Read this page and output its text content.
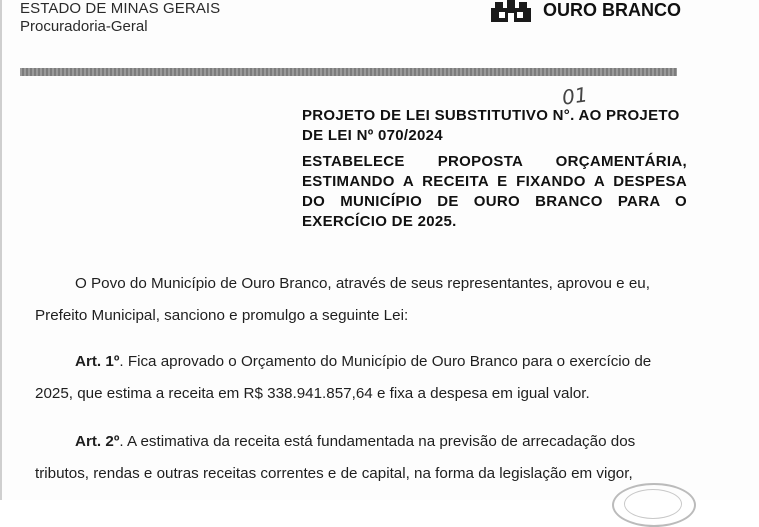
ESTADO DE MINAS GERAIS
Procuradoria-Geral
OURO BRANCO
01
PROJETO DE LEI SUBSTITUTIVO N°. AO PROJETO
DE LEI Nº 070/2024
ESTABELECE PROPOSTA ORÇAMENTÁRIA, ESTIMANDO A RECEITA E FIXANDO A DESPESA DO MUNICÍPIO DE OURO BRANCO PARA O EXERCÍCIO DE 2025.
O Povo do Município de Ouro Branco, através de seus representantes, aprovou e eu,
Prefeito Municipal, sanciono e promulgo a seguinte Lei:
Art. 1º. Fica aprovado o Orçamento do Município de Ouro Branco para o exercício de
2025, que estima a receita em R$ 338.941.857,64 e fixa a despesa em igual valor.
Art. 2º. A estimativa da receita está fundamentada na previsão de arrecadação dos
tributos, rendas e outras receitas correntes e de capital, na forma da legislação em vigor,
